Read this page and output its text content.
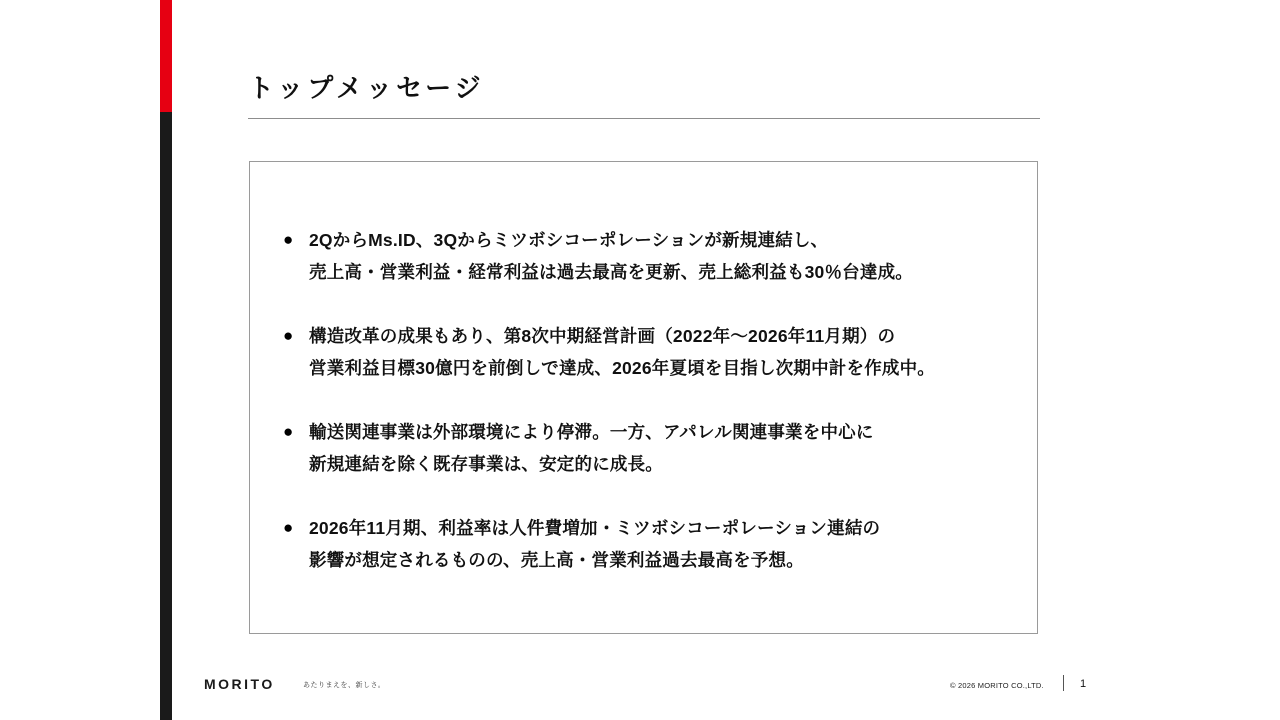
トップメッセージ
● 2QからMs.ID、3Qからミツボシコーポレーションが新規連結し、
売上高・営業利益・経常利益は過去最高を更新、売上総利益も30％台達成。
● 構造改革の成果もあり、第8次中期経営計画（2022年〜2026年11月期）の
営業利益目標30億円を前倒しで達成、2026年夏頃を目指し次期中計を作成中。
● 輸送関連事業は外部環境により停滞。一方、アパレル関連事業を中心に
新規連結を除く既存事業は、安定的に成長。
● 2026年11月期、利益率は人件費増加・ミツボシコーポレーション連結の
影響が想定されるものの、売上高・営業利益過去最高を予想。
MORITO	あたりまえを、新しさ。	© 2026 MORITO CO.,LTD.	1
